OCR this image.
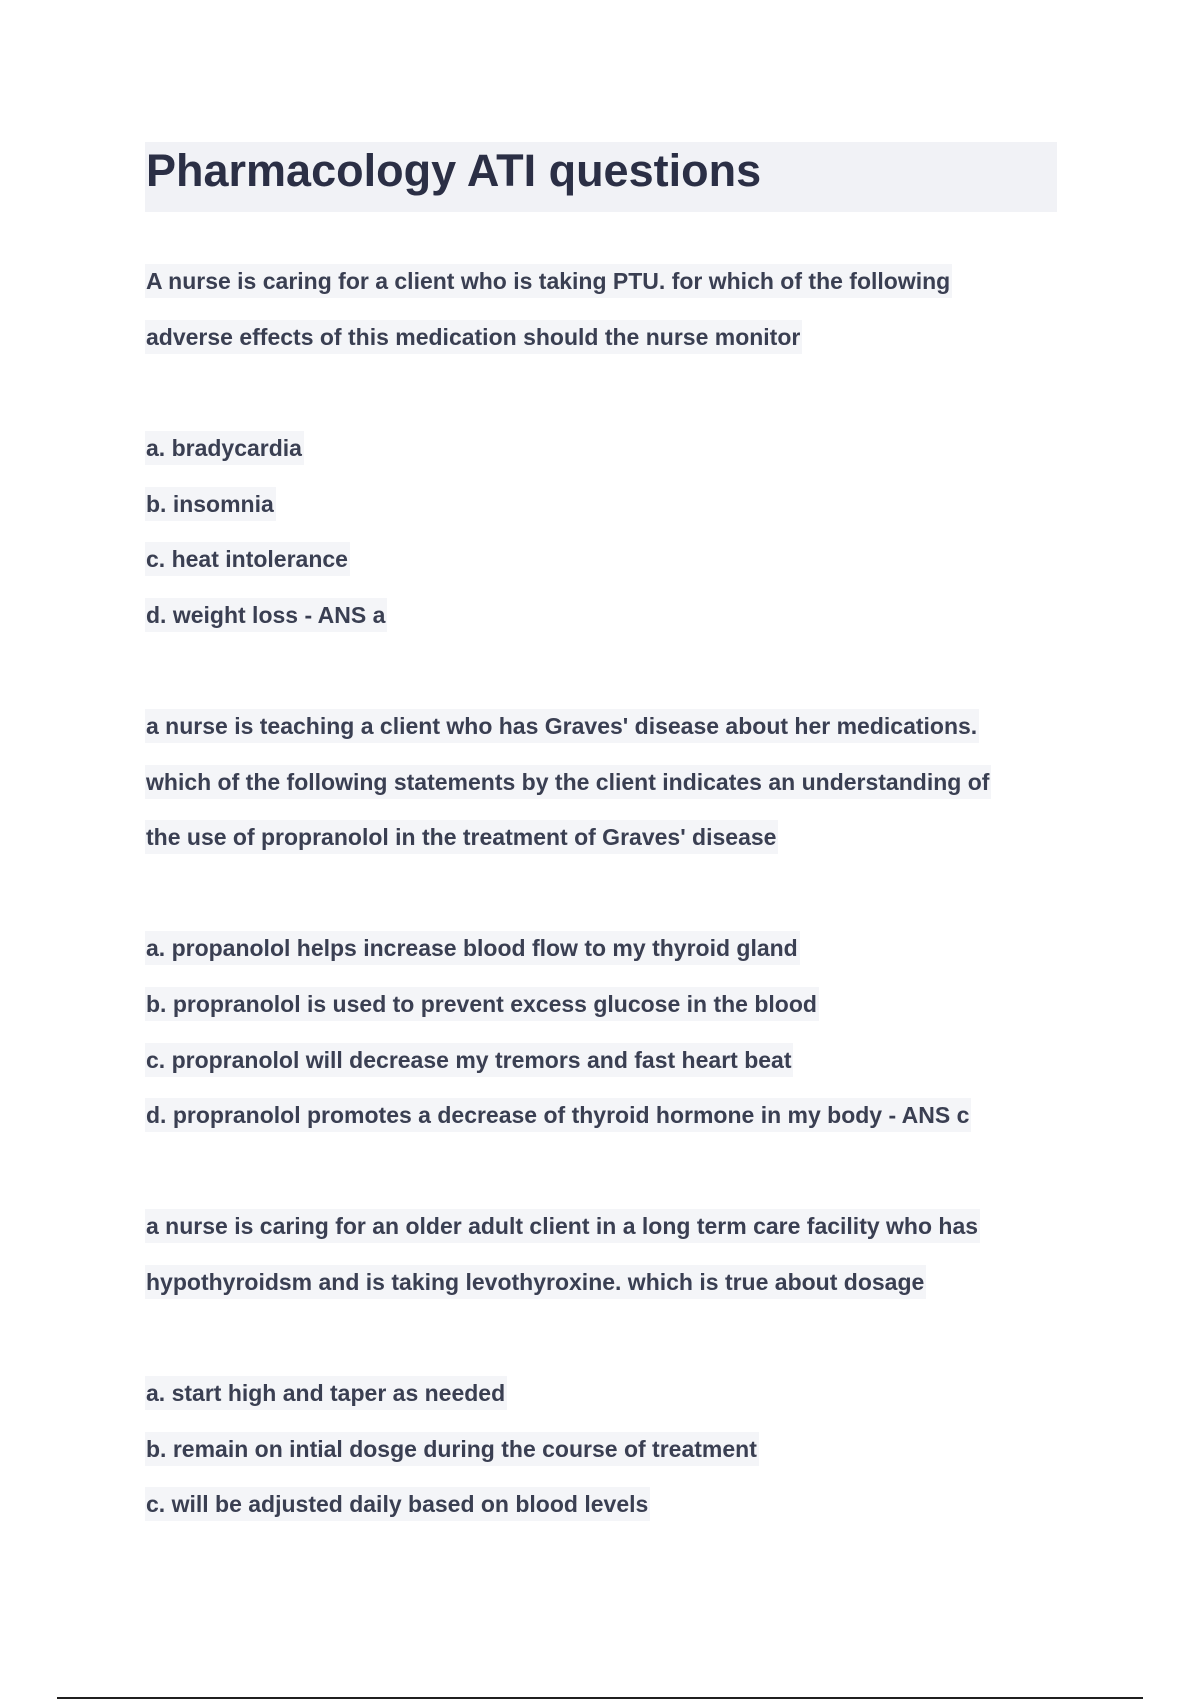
Pharmacology ATI questions
A nurse is caring for a client who is taking PTU. for which of the following
adverse effects of this medication should the nurse monitor
a. bradycardia
b. insomnia
c. heat intolerance
d. weight loss - ANS a
a nurse is teaching a client who has Graves' disease about her medications.
which of the following statements by the client indicates an understanding of
the use of propranolol in the treatment of Graves' disease
a. propanolol helps increase blood flow to my thyroid gland
b. propranolol is used to prevent excess glucose in the blood
c. propranolol will decrease my tremors and fast heart beat
d. propranolol promotes a decrease of thyroid hormone in my body - ANS c
a nurse is caring for an older adult client in a long term care facility who has
hypothyroidsm and is taking levothyroxine. which is true about dosage
a. start high and taper as needed
b. remain on intial dosge during the course of treatment
c. will be adjusted daily based on blood levels
